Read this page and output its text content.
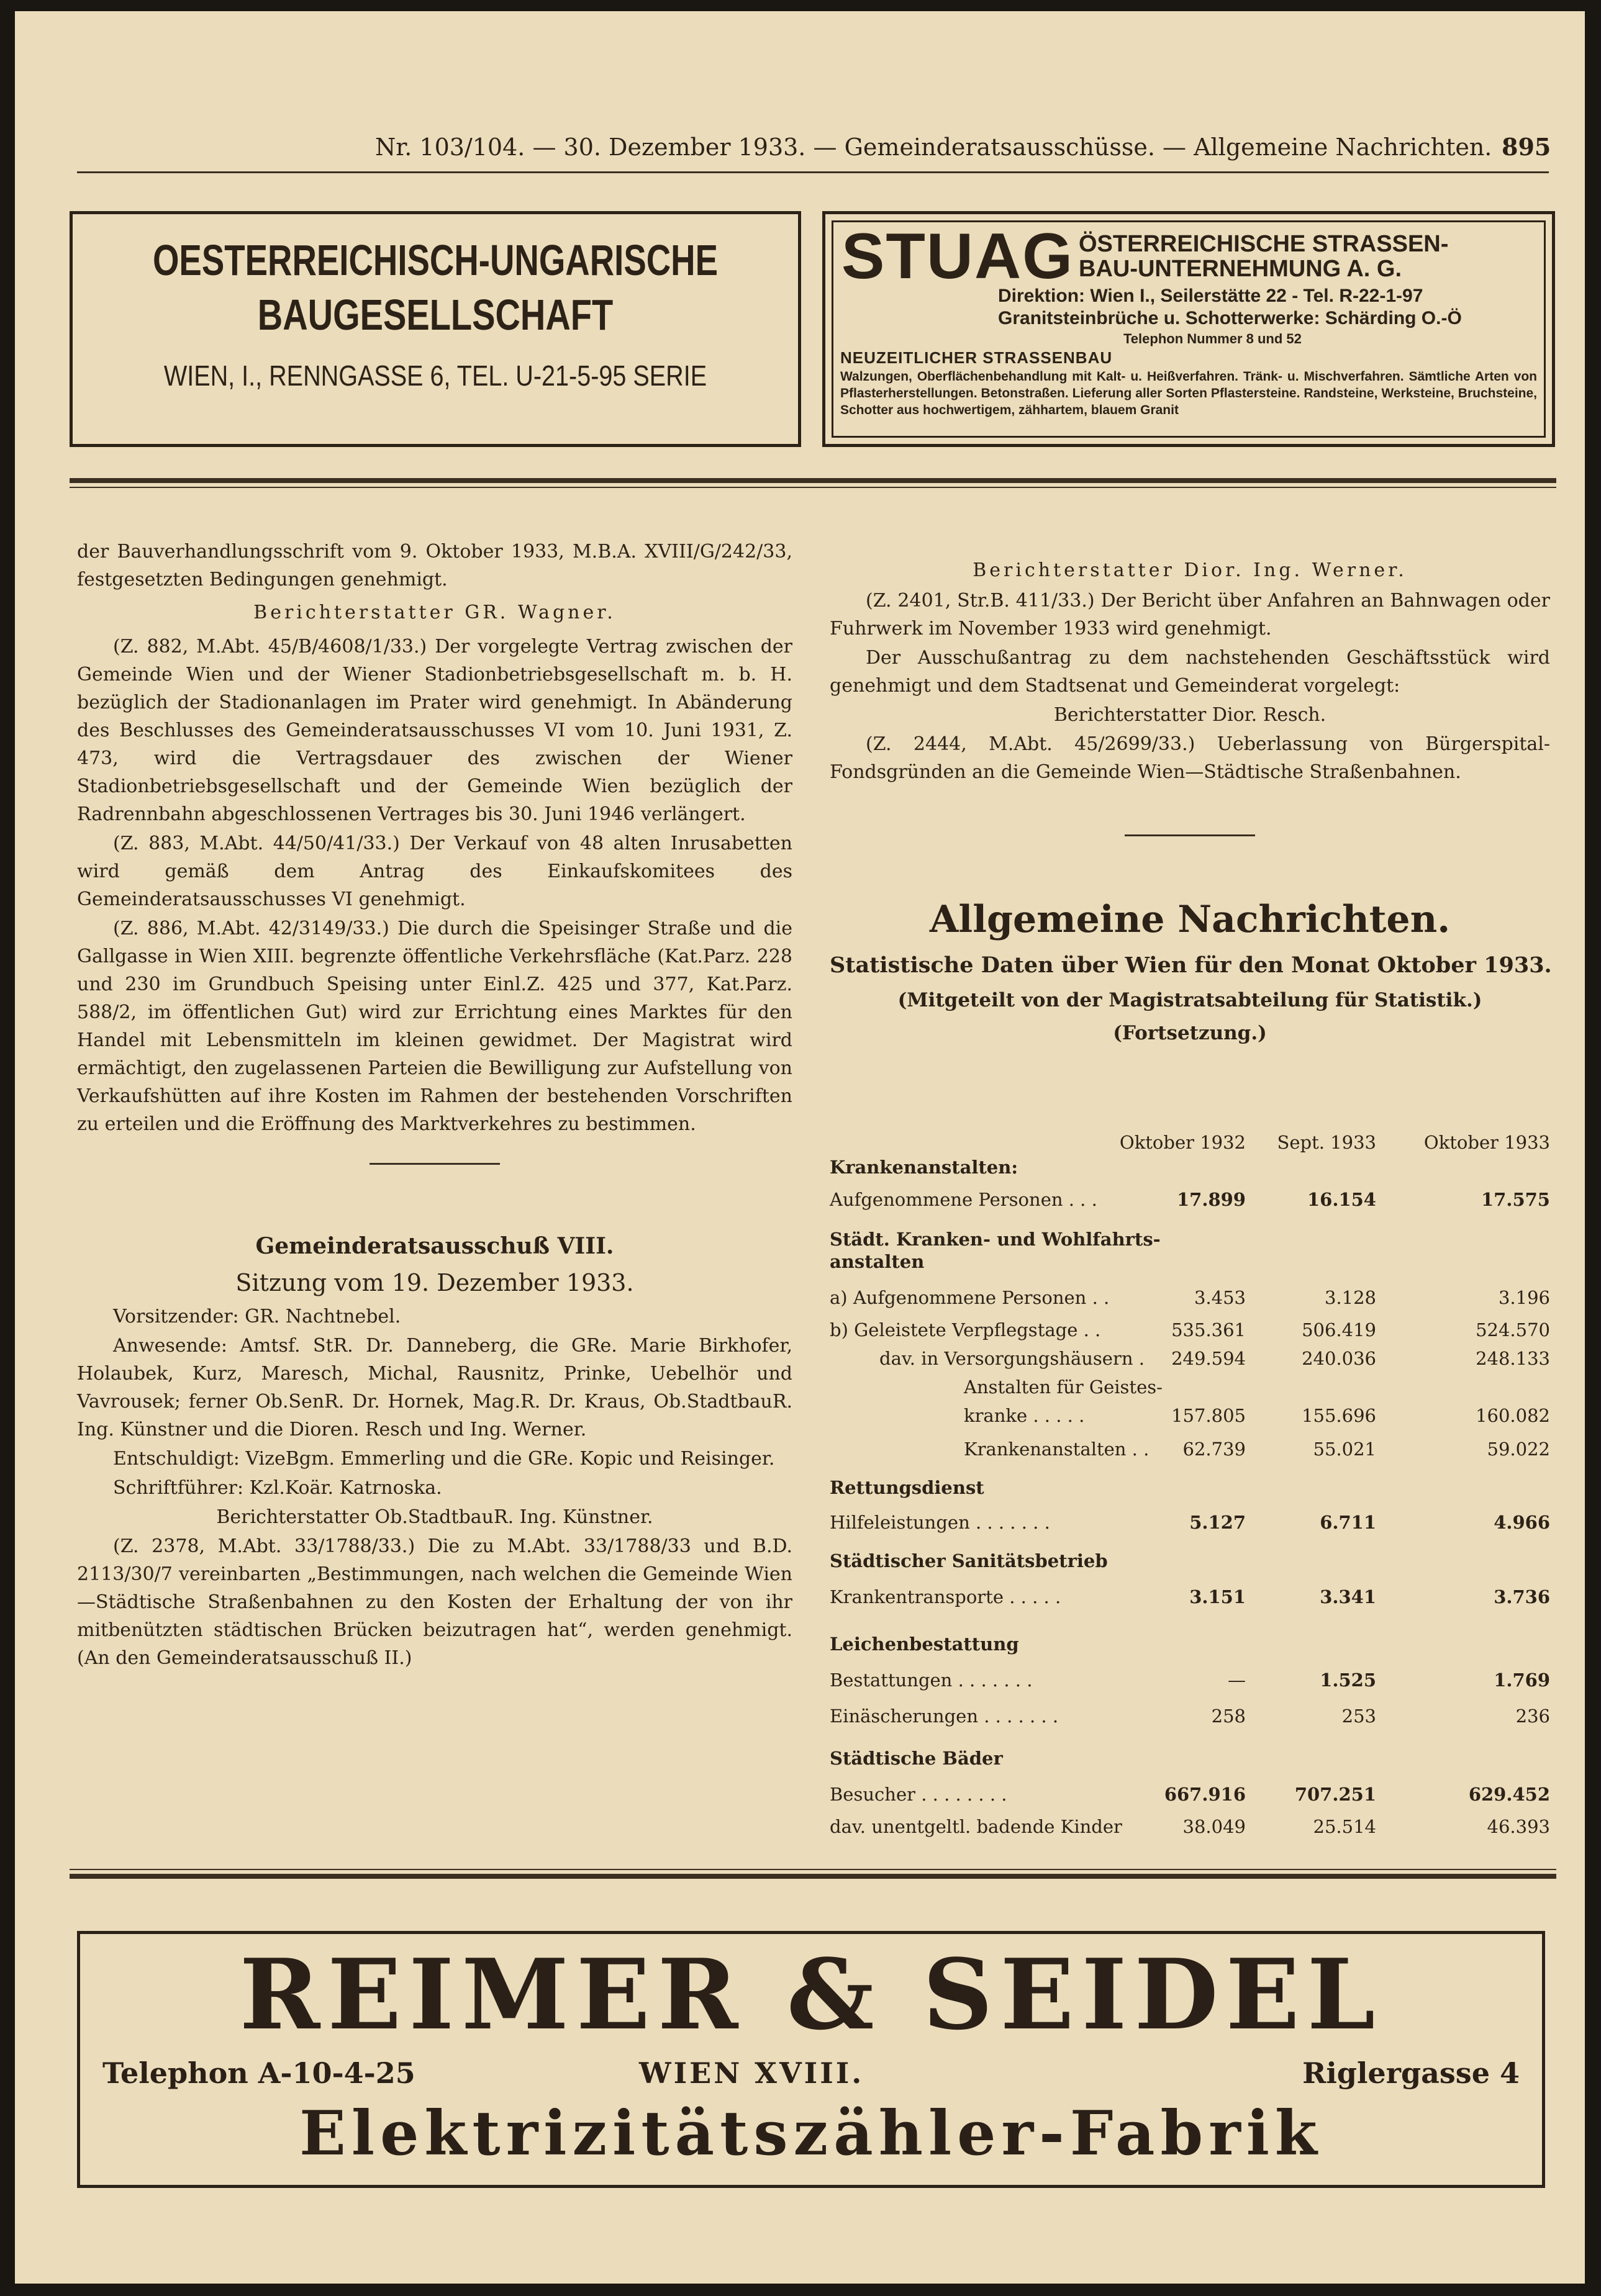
Nr. 103/104. — 30. Dezember 1933. — Gemeinderatsausschüsse. — Allgemeine Nachrichten. 895
OESTERREICHISCH-UNGARISCHE
BAUGESELLSCHAFT
WIEN, I., RENNGASSE 6, TEL. U-21-5-95 SERIE
STUAG ÖSTERREICHISCHE STRASSEN-
BAU-UNTERNEHMUNG A. G.
Direktion: Wien I., Seilerstätte 22 - Tel. R-22-1-97
Granitsteinbrüche u. Schotterwerke: Schärding O.-Ö
Telephon Nummer 8 und 52
NEUZEITLICHER STRASSENBAU
Walzungen, Oberflächenbehandlung mit Kalt- u. Heißverfahren. Tränk- u. Mischverfahren. Sämtliche Arten von Pflasterherstellungen. Betonstraßen. Lieferung aller Sorten Pflastersteine. Randsteine, Werksteine, Bruchsteine, Schotter aus hochwertigem, zähhartem, blauem Granit

der Bauverhandlungsschrift vom 9. Oktober 1933, M.B.A. XVIII/G/242/33, festgesetzten Bedingungen genehmigt.

Berichterstatter GR. Wagner.

(Z. 882, M.Abt. 45/B/4608/1/33.) Der vorgelegte Vertrag zwischen der Gemeinde Wien und der Wiener Stadionbetriebsgesellschaft m. b. H. bezüglich der Stadionanlagen im Prater wird genehmigt. In Abänderung des Beschlusses des Gemeinderatsausschusses VI vom 10. Juni 1931, Z. 473, wird die Vertragsdauer des zwischen der Wiener Stadionbetriebsgesellschaft und der Gemeinde Wien bezüglich der Radrennbahn abgeschlossenen Vertrages bis 30. Juni 1946 verlängert.

(Z. 883, M.Abt. 44/50/41/33.) Der Verkauf von 48 alten Inrusabetten wird gemäß dem Antrag des Einkaufskomitees des Gemeinderatsausschusses VI genehmigt.

(Z. 886, M.Abt. 42/3149/33.) Die durch die Speisinger Straße und die Gallgasse in Wien XIII. begrenzte öffentliche Verkehrsfläche (Kat.Parz. 228 und 230 im Grundbuch Speising unter Einl.Z. 425 und 377, Kat.Parz. 588/2, im öffentlichen Gut) wird zur Errichtung eines Marktes für den Handel mit Lebensmitteln im kleinen gewidmet. Der Magistrat wird ermächtigt, den zugelassenen Parteien die Bewilligung zur Aufstellung von Verkaufshütten auf ihre Kosten im Rahmen der bestehenden Vorschriften zu erteilen und die Eröffnung des Marktverkehres zu bestimmen.

Gemeinderatsausschuß VIII.

Sitzung vom 19. Dezember 1933.

Vorsitzender: GR. Nachtnebel.

Anwesende: Amtsf. StR. Dr. Danneberg, die GRe. Marie Birkhofer, Holaubek, Kurz, Maresch, Michal, Rausnitz, Prinke, Uebelhör und Vavrousek; ferner Ob.SenR. Dr. Hornek, Mag.R. Dr. Kraus, Ob.StadtbauR. Ing. Künstner und die Dioren. Resch und Ing. Werner.

Entschuldigt: VizeBgm. Emmerling und die GRe. Kopic und Reisinger.

Schriftführer: Kzl.Koär. Katrnoska.

Berichterstatter Ob.StadtbauR. Ing. Künstner.

(Z. 2378, M.Abt. 33/1788/33.) Die zu M.Abt. 33/1788/33 und B.D. 2113/30/7 vereinbarten „Bestimmungen, nach welchen die Gemeinde Wien—Städtische Straßenbahnen zu den Kosten der Erhaltung der von ihr mitbenützten städtischen Brücken beizutragen hat“, werden genehmigt. (An den Gemeinderatsausschuß II.)

Berichterstatter Dior. Ing. Werner.

(Z. 2401, Str.B. 411/33.) Der Bericht über Anfahren an Bahnwagen oder Fuhrwerk im November 1933 wird genehmigt.

Der Ausschußantrag zu dem nachstehenden Geschäftsstück wird genehmigt und dem Stadtsenat und Gemeinderat vorgelegt:

Berichterstatter Dior. Resch.

(Z. 2444, M.Abt. 45/2699/33.) Ueberlassung von Bürgerspital-Fondsgründen an die Gemeinde Wien—Städtische Straßenbahnen.

Allgemeine Nachrichten.

Statistische Daten über Wien für den Monat Oktober 1933.

(Mitgeteilt von der Magistratsabteilung für Statistik.)

(Fortsetzung.)

Oktober 1932 Sept. 1933	Oktober 1933
Krankenanstalten:
Aufgenommene Personen . . .	17.899	16.154	17.575
Städt. Kranken- und Wohlfahrts-
anstalten
a) Aufgenommene Personen . .	3.453	3.128	3.196
b) Geleistete Verpflegstage . .	535.361	506.419	524.570
dav. in Versorgungshäusern . 249.594	240.036	248.133
Anstalten für Geistes-
kranke . . . . .	157.805	155.696	160.082
Krankenanstalten . . 62.739	55.021	59.022
Rettungsdienst
Hilfeleistungen . . . . . . .	5.127	6.711	4.966
Städtischer Sanitätsbetrieb
Krankentransporte . . . . .	3.151	3.341	3.736
Leichenbestattung
Bestattungen . . . . . . .	—	1.525	1.769
Einäscherungen . . . . . . .	258	253	236
Städtische Bäder
Besucher . . . . . . . .	667.916	707.251	629.452
dav. unentgeltl. badende Kinder	38.049	25.514	46.393
REIMER & SEIDEL
Telephon A-10-4-25	WIEN XVIII.	Riglergasse 4
Elektrizitätszähler-Fabrik
